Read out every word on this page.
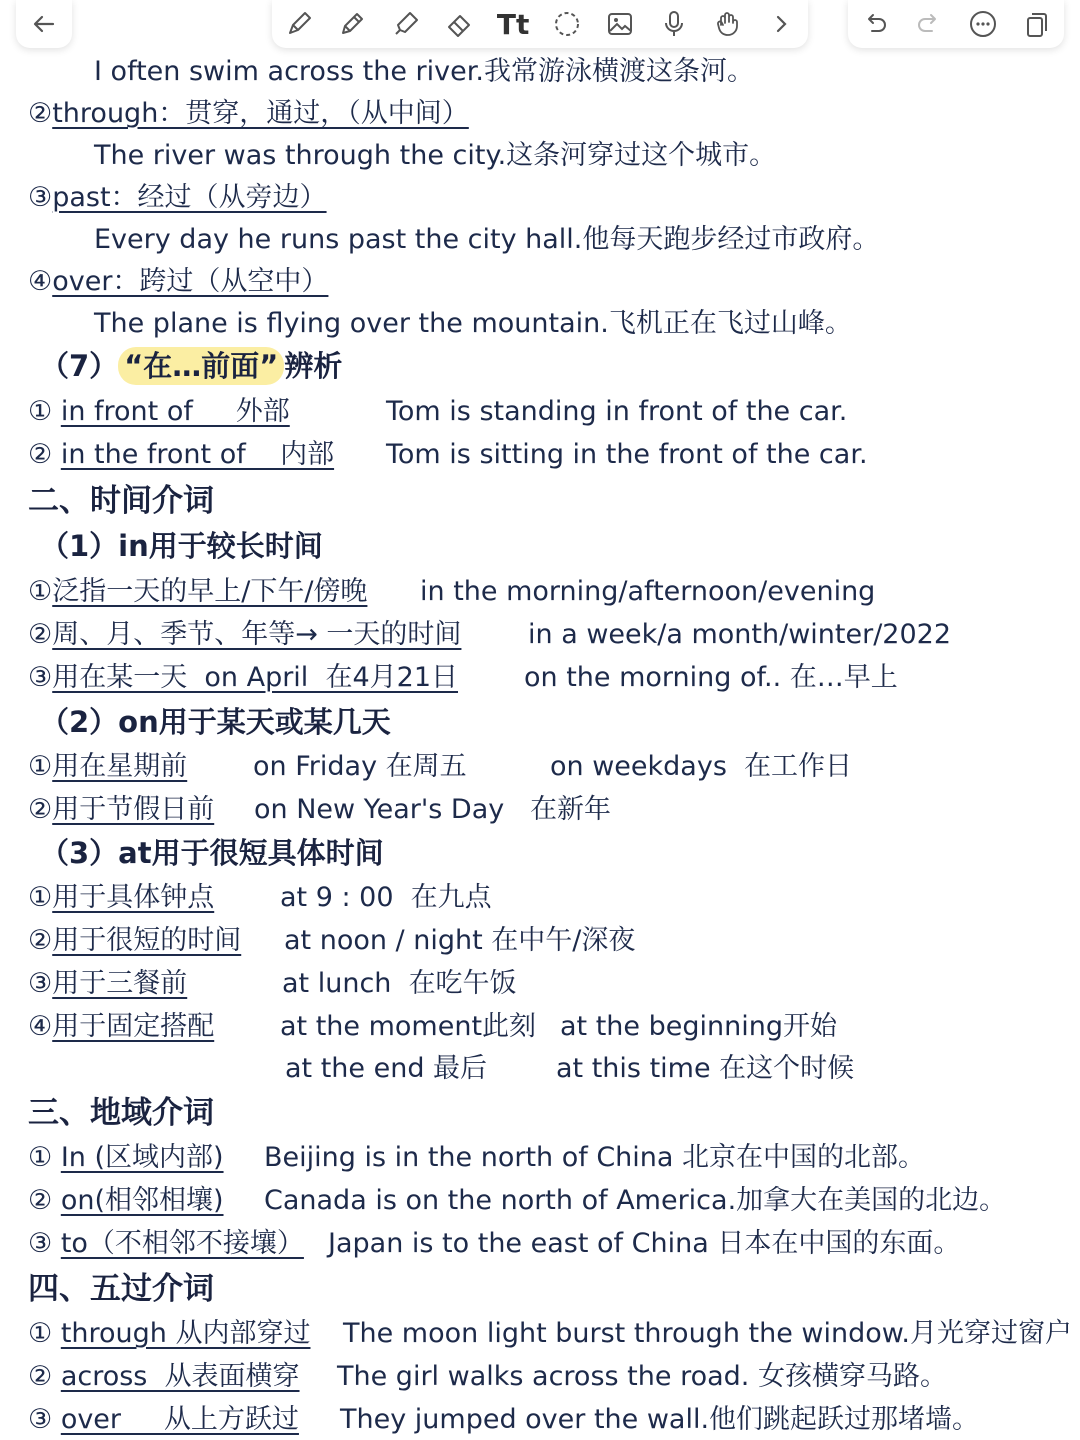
Tt
I often swim across the river.我常游泳横渡这条河。
②through：贯穿，通过，（从中间）
The river was through the city.这条河穿过这个城市。
③past：经过（从旁边）
Every day he runs past the city hall.他每天跑步经过市政府。
④over：跨过（从空中）
The plane is flying over the mountain.飞机正在飞过山峰。
（7） “在…前面” 辨析
① in front of     外部	Tom is standing in front of the car.
② in the front of    内部 Tom is sitting in the front of the car.
二、时间介词
（1）in用于较长时间
①泛指一天的早上/下午/傍晚 in the morning/afternoon/evening
②周、月、季节、年等→ 一天的时间 in a week/a month/winter/2022
③用在某一天  on April  在4月21日 on the morning of.. 在…早上
（2）on用于某天或某几天
①用在星期前 on Friday 在周五	on weekdays  在工作日
②用于节假日前 on New Year's Day   在新年
（3）at用于很短具体时间
①用于具体钟点 at 9 : 00  在九点
②用于很短的时间 at noon / night 在中午/深夜
③用于三餐前	at lunch  在吃午饭
④用于固定搭配 at the moment此刻 at the beginning开始
at the end 最后	at this time 在这个时候
三、地域介词
① In (区域内部) Beijing is in the north of China 北京在中国的北部。
② on(相邻相壤) Canada is on the north of America.加拿大在美国的北边。
③ to（不相邻不接壤） Japan is to the east of China 日本在中国的东面。
四、五过介词
① through 从内部穿过 The moon light burst through the window.月光穿过窗户
② across  从表面横穿 The girl walks across the road. 女孩横穿马路。
③ over     从上方跃过 They jumped over the wall.他们跳起跃过那堵墙。
